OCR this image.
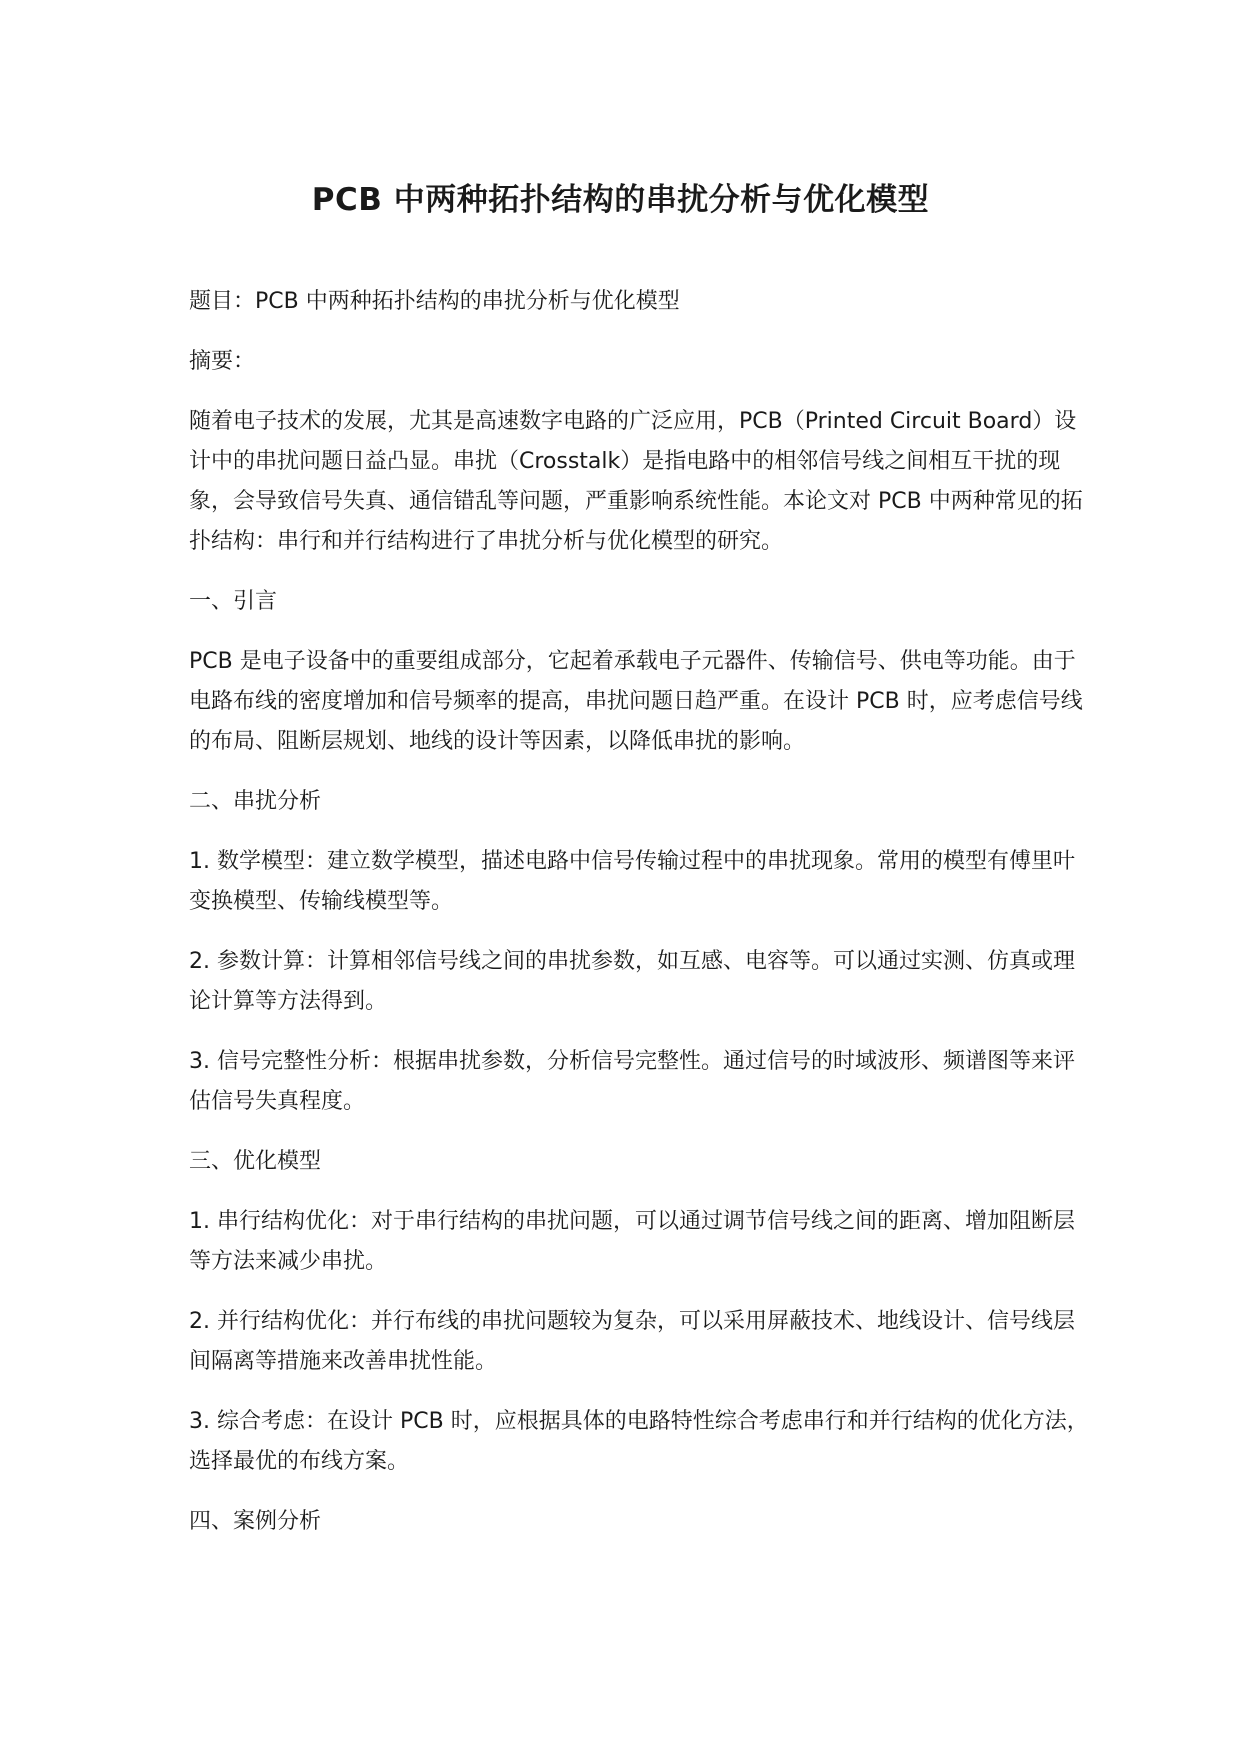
PCB 中两种拓扑结构的串扰分析与优化模型

题目：PCB 中两种拓扑结构的串扰分析与优化模型

摘要：

随着电子技术的发展，尤其是高速数字电路的广泛应用，PCB（Printed Circuit Board）设计中的串扰问题日益凸显。串扰（Crosstalk）是指电路中的相邻信号线之间相互干扰的现象，会导致信号失真、通信错乱等问题，严重影响系统性能。本论文对 PCB 中两种常见的拓扑结构：串行和并行结构进行了串扰分析与优化模型的研究。

一、引言

PCB 是电子设备中的重要组成部分，它起着承载电子元器件、传输信号、供电等功能。由于电路布线的密度增加和信号频率的提高，串扰问题日趋严重。在设计 PCB 时，应考虑信号线的布局、阻断层规划、地线的设计等因素，以降低串扰的影响。

二、串扰分析

1. 数学模型：建立数学模型，描述电路中信号传输过程中的串扰现象。常用的模型有傅里叶变换模型、传输线模型等。

2. 参数计算：计算相邻信号线之间的串扰参数，如互感、电容等。可以通过实测、仿真或理论计算等方法得到。

3. 信号完整性分析：根据串扰参数，分析信号完整性。通过信号的时域波形、频谱图等来评估信号失真程度。

三、优化模型

1. 串行结构优化：对于串行结构的串扰问题，可以通过调节信号线之间的距离、增加阻断层等方法来减少串扰。

2. 并行结构优化：并行布线的串扰问题较为复杂，可以采用屏蔽技术、地线设计、信号线层间隔离等措施来改善串扰性能。

3. 综合考虑：在设计 PCB 时，应根据具体的电路特性综合考虑串行和并行结构的优化方法，选择最优的布线方案。

四、案例分析
